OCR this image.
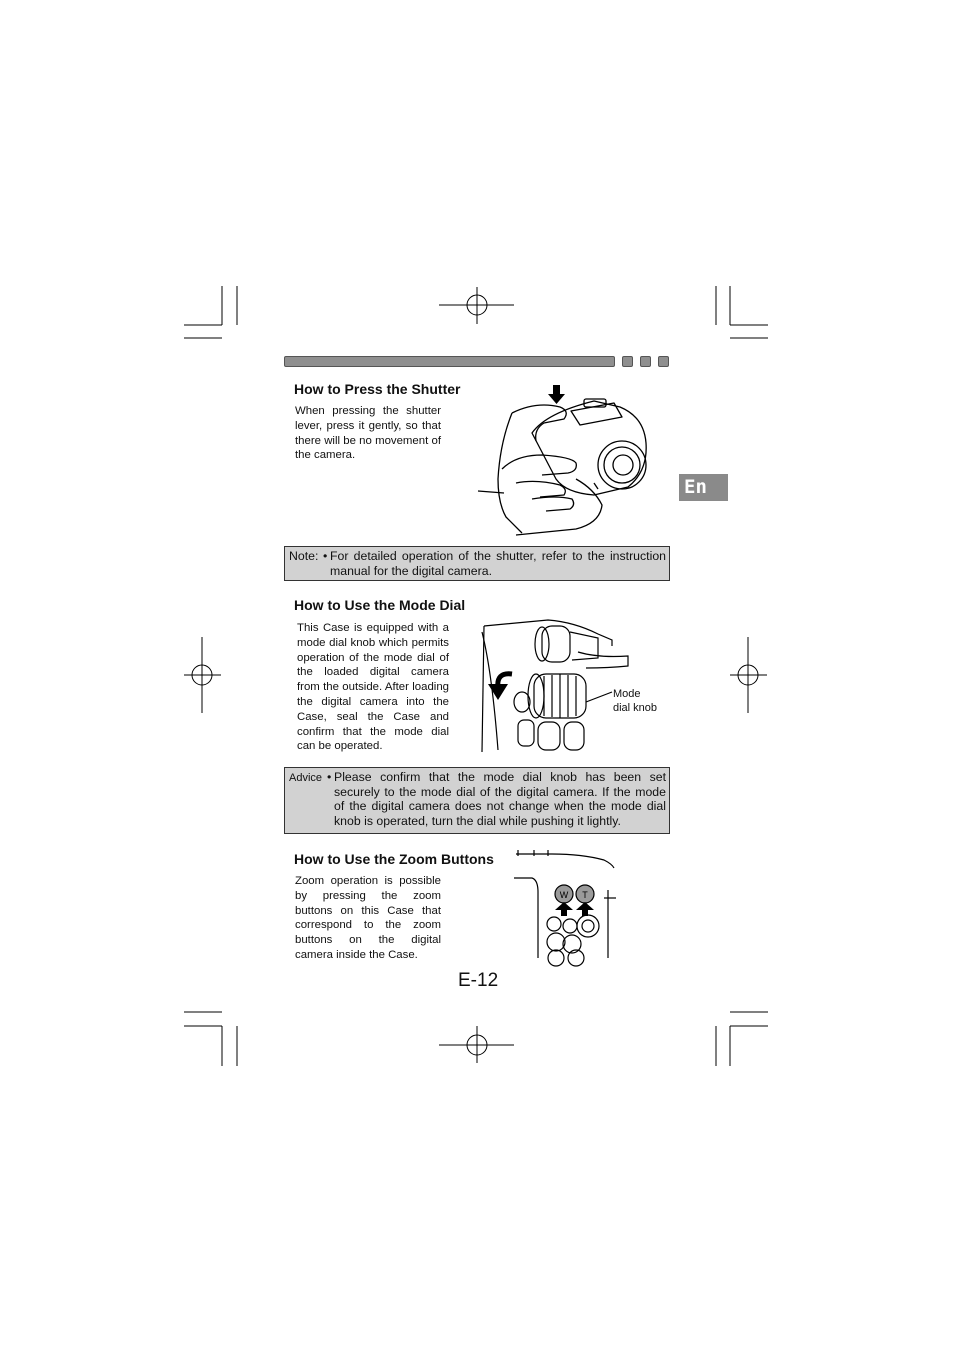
En
How to Press the Shutter

When pressing the shutter lever, press it gently, so that there will be no movement of the camera.

Note: • For detailed operation of the shutter, refer to the instruction manual for the digital camera.
How to Use the Mode Dial

This Case is equipped with a mode dial knob which permits operation of the mode dial of the loaded digital camera from the outside. After loading the digital camera into the Case, seal the Case and confirm that the mode dial can be operated.

Mode
dial knob
Advice • Please confirm that the mode dial knob has been set securely to the mode dial of the digital camera. If the mode of the digital camera does not change when the mode dial knob is operated, turn the dial while pushing it lightly.
How to Use the Zoom Buttons

Zoom operation is possible by pressing the zoom buttons on this Case that correspond to the zoom buttons on the digital camera inside the Case.

W T
E-12
